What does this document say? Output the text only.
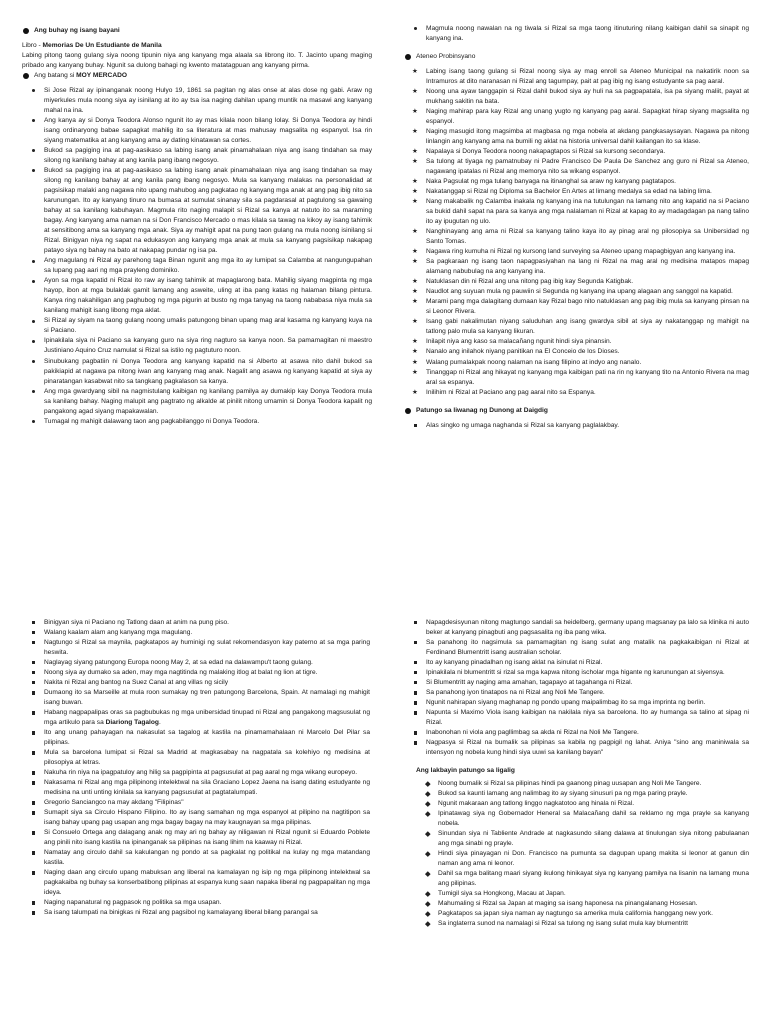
Ang buhay ng isang bayani

Libro - Memorias De Un Estudiante de Manila

Labing pitong taong gulang siya noong tipunin niya ang kanyang mga alaala sa librong ito. T. Jacinto upang maging pribado ang kanyang buhay. Ngunit sa dulong bahagi ng kwento matatagpuan ang kanyang pirma.

Ang batang si MOY MERCADO
Si Jose Rizal ay ipinanganak noong Hulyo 19, 1861 sa pagitan ng alas onse at alas dose ng gabi. Araw ng miyerkules mula noong siya ay isinilang at ito ay tsa isa naging dahilan upang muntik na masawi ang kanyang mahal na ina.
Ang kanya ay si Donya Teodora Alonso ngunit ito ay mas kilala noon bilang lolay. Si Donya Teodora ay hindi isang ordinaryong babae sapagkat mahilig ito sa literatura at mas mahusay magsalita ng espanyol. Isa rin siyang matematika at ang kanyang ama ay dating kinatawan sa cortes.
Bukod sa pagiging ina at pag-aasikaso sa labing isang anak pinamahalaan niya ang isang tindahan sa may silong ng kanilang bahay at ang kanila pang ibang negosyo.
Bukod sa pagiging ina at pag-aasikaso sa labing isang anak pinamahalaan niya ang isang tindahan sa may silong ng kanilang bahay at ang kanila pang ibang negosyo. Mula sa kanyang malakas na personalidad at pagsisikap malaki ang nagawa nito upang mahubog ang pagkatao ng kanyang mga anak at ang pag ibig nito sa karunungan. Ito ay kanyang tinuro na bumasa at sumulat sinanay sila sa pagdarasal at pagtulong sa gawaing bahay at sa kanilang kabuhayan. Magmula rito naging malapit si Rizal sa kanya at natuto ito sa maraming bagay. Ang kanyang ama naman na si Don Francisco Mercado o mas kilala sa tawag na kikoy ay isang tahimik at sensitibong ama sa kanyang mga anak. Siya ay mahigit apat na pung taon gulang na mula noong isinilang si Rizal. Binigyan niya ng sapat na edukasyon ang kanyang mga anak at mula sa kanyang pagsisikap nakapag patayo siya ng bahay na bato at nakapag pundar ng isa pa.
Ang magulang ni Rizal ay parehong taga Binan ngunit ang mga ito ay lumipat sa Calamba at nangungupahan sa lupang pag aari ng mga prayleng dominiko.
Ayon sa mga kapatid ni Rizal ito raw ay isang tahimik at mapaglarong bata. Mahilig siyang magpinta ng mga hayop, ibon at mga bulaklak gamit lamang ang asweite, uling at iba pang katas ng halaman bilang pintura. Kanya ring nakahiligan ang paghubog ng mga pigurin at busto ng mga tanyag na taong nababasa niya mula sa kanilang mahigit isang libong mga aklat.
Si Rizal ay siyam na taong gulang noong umalis patungong binan upang mag aral kasama ng kanyang kuya na si Paciano.
Ipinakilala siya ni Paciano sa kanyang guro na siya ring nagturo sa kanya noon. Sa pamamagitan ni maestro Justiniano Aquino Cruz namulat si Rizal sa istilo ng pagtuturo noon.
Sinubukang pagbatiin ni Donya Teodora ang kanyang kapatid na si Alberto at asawa nito dahil bukod sa pakikiapid at nagawa pa nitong iwan ang kanyang mag anak. Nagalit ang asawa ng kanyang kapatid at siya ay pinaratangan kasabwat nito sa tangkang pagkalason sa kanya.
Ang mga gwardyang sibil na nagmistulang kaibigan ng kanilang pamilya ay dumakip kay Donya Teodora mula sa kanilang bahay. Naging malupit ang pagtrato ng alkalde at pinilit nitong umamin si Donya Teodora kapalit ng pangakong agad siyang mapakawalan.
Tumagal ng mahigit dalawang taon ang pagkabilanggo ni Donya Teodora.
Magmula noong nawalan na ng tiwala si Rizal sa mga taong itinuturing nilang kaibigan dahil sa sinapit ng kanyang ina.
Ateneo Probinsyano
★ Labing isang taong gulang si Rizal noong siya ay mag enroll sa Ateneo Municipal na nakatirik noon sa Intramuros at dito naranasan ni Rizal ang tagumpay, pait at pag ibig ng isang estudyante sa pag aaral.
★ Noong una ayaw tanggapin si Rizal dahil bukod siya ay huli na sa pagpapatala, isa pa siyang maliit, payat at mukhang sakitin na bata.
★ Naging mahirap para kay Rizal ang unang yugto ng kanyang pag aaral. Sapagkat hirap siyang magsalita ng espanyol.
★ Naging masugid itong magsimba at magbasa ng mga nobela at akdang pangkasaysayan. Nagawa pa nitong linlangin ang kanyang ama na bumili ng aklat na historia universal dahil kailangan ito sa klase.
★ Napalaya si Donya Teodora noong nakapagtapos si Rizal sa kursong secondarya.
★ Sa tulong at tiyaga ng pamatnubay ni Padre Francisco De Paula De Sanchez ang guro ni Rizal sa Ateneo, nagawang ipatalas ni Rizal ang memorya nito sa wikang espanyol.
★ Naka Pagsulat ng mga tulang banyaga na itinanghal sa araw ng kanyang pagtatapos.
★ Nakatanggap si Rizal ng Diploma sa Bachelor En Artes at limang medalya sa edad na labing lima.
★ Nang makabalik ng Calamba inakala ng kanyang ina na tutulungan na lamang nito ang kapatid na si Paciano sa bukid dahil sapat na para sa kanya ang mga nalalaman ni Rizal at kapag ito ay madagdagan pa nang talino ito ay ipugutan ng ulo.
★ Nanghinayang ang ama ni Rizal sa kanyang talino kaya ito ay pinag aral ng pilosopiya sa Unibersidad ng Santo Tomas.
★ Nagawa ring kumuha ni Rizal ng kursong land surveying sa Ateneo upang mapagbigyan ang kanyang ina.
★ Sa pagkaraan ng isang taon napagpasiyahan na lang ni Rizal na mag aral ng medisina matapos mapag alamang nabubulag na ang kanyang ina.
★ Natuklasan din ni Rizal ang una nitong pag ibig kay Segunda Katigbak.
★ Naudlot ang suyuan mula ng pauwiin si Segunda ng kanyang ina upang alagaan ang sanggol na kapatid.
★ Marami pang mga dalagitang dumaan kay Rizal bago nito natuklasan ang pag ibig mula sa kanyang pinsan na si Leonor Rivera.
★ Isang gabi nakalimutan niyang saluduhan ang isang gwardya sibil at siya ay nakatanggap ng mahigit na tatlong palo mula sa kanyang likuran.
★ Inilapit niya ang kaso sa malacañang ngunit hindi siya pinansin.
★ Nanalo ang inilahok niyang panitikan na El Conceio de los Dioses.
★ Walang pumalakpak noong nalaman na isang filipino at indyo ang nanalo.
★ Tinanggap ni Rizal ang hikayat ng kanyang mga kaibigan pati na rin ng kanyang tito na Antonio Rivera na mag aral sa espanya.
★ Inilihim ni Rizal at Paciano ang pag aaral nito sa Espanya.
Patungo sa liwanag ng Dunong at Daigdig
Alas singko ng umaga naghanda si Rizal sa kanyang paglalakbay.
Binigyan siya ni Paciano ng Tatlong daan at anim na pung piso.
Walang kaalam alam ang kanyang mga magulang.
Nagtungo si Rizal sa maynila, pagkatapos ay huminigi ng sulat rekomendasyon kay paterno at sa mga paring heswita.
Naglayag siyang patungong Europa noong May 2, at sa edad na dalawampu't taong gulang.
Noong siya ay dumako sa aden, may mga nagtitinda ng malaking itlog at balat ng lion at tigre.
Nakita ni Rizal ang bantog na Suez Canal at ang villas ng sicily
Dumaong ito sa Marseille at mula roon sumakay ng tren patungong Barcelona, Spain. At namalagi ng mahigit isang buwan.
Habang nagpapalipas oras sa pagbubukas ng mga unibersidad tinupad ni Rizal ang pangakong magsusulat ng mga artikulo para sa Diariong Tagalog.
Ito ang unang pahayagan na nakasulat sa tagalog at kastila na pinamamahalaan ni Marcelo Del Pilar sa pilipinas.
Mula sa barcelona lumipat si Rizal sa Madrid at magkasabay na nagpatala sa kolehiyo ng medisina at pilosopiya at letras.
Nakuha rin niya na ipagpatuloy ang hilig sa pagpipinta at pagsusulat at pag aaral ng mga wikang europeyo.
Nakasama ni Rizal ang mga pilipinong intelektwal na sila Graciano Lopez Jaena na isang dating estudyante ng medisina na unti unting kinilala sa kanyang pagsusulat at pagtatalumpati.
Gregorio Sanciangco na may akdang "Filipinas"
Sumapit siya sa Circulo Hispano Filipino. Ito ay isang samahan ng mga espanyol at pilipino na nagtitipon sa isang bahay upang pag usapan ang mga bagay bagay na may kaugnayan sa mga pilipinas.
Si Consuelo Ortega ang dalagang anak ng may ari ng bahay ay niligawan ni Rizal ngunit si Eduardo Poblete ang pinili nito isang kastila na ipinanganak sa pilipinas na isang lihim na kaaway ni Rizal.
Namatay ang circulo dahil sa kakulangan ng pondo at sa pagkalat ng politikal na kulay ng mga matandang kastila.
Naging daan ang circulo upang mabuksan ang liberal na kamalayan ng isip ng mga pilipinong intelektwal sa pagkakaiba ng buhay sa konserbatibong pilipinas at espanya kung saan napaka liberal ng pagpapalitan ng mga ideya.
Naging napanatural ng pagpasok ng politika sa mga usapan.
Sa isang talumpati na binigkas ni Rizal ang pagsibol ng kamalayang liberal bilang parangal sa
Napagdesisyunan nitong magtungo sandali sa heidelberg, germany upang magsanay pa lalo sa klinika ni auto beker at kanyang pinagbuti ang pagsasalita ng iba pang wika.
Sa panahong ito nagsimula sa pamamagitan ng isang sulat ang matalik na pagkakaibigan ni Rizal at Ferdinand Blumentritt isang australian scholar.
Ito ay kanyang pinadalhan ng isang aklat na isinulat ni Rizal.
Ipinakilala ni blumentritt si rizal sa mga kapwa nitong ischolar mga higante ng karunungan at siyensya.
Si Blumentritt ay naging ama amahan, tagapayo at tagahanga ni Rizal.
Sa panahong iyon tinatapos na ni Rizal ang Noli Me Tangere.
Ngunit nahirapan siyang maghanap ng pondo upang maipalimbag ito sa mga imprinta ng berlin.
Napunta si Maximo Viola isang kaibigan na nakilala niya sa barcelona. Ito ay humanga sa talino at sipag ni Rizal.
Inabonohan ni viola ang pagllimbag sa akda ni Rizal na Noli Me Tangere.
Nagpasya si Rizal na bumalik sa pilipinas sa kabila ng pagpigil ng lahat. Aniya "sino ang maniniwala sa intensyon ng nobela kung hindi siya uuwi sa kanilang bayan"

Ang lakbayin patungo sa ligalig

Noong bumalik si Rizal sa pilipinas hindi pa gaanong pinag uusapan ang Noli Me Tangere.
Bukod sa kaunti lamang ang nalimbag ito ay siyang sinusuri pa ng mga paring prayle.
Ngunit makaraan ang tatlong linggo nagkatotoo ang hinala ni Rizal.
Ipinatawag siya ng Gobernador Heneral sa Malacañang dahil sa reklamo ng mga prayle sa kanyang nobela.
Sinundan siya ni Tabliente Andrade at nagkasundo silang dalawa at tinulungan siya nitong pabulaanan ang mga sinabi ng prayle.
Hindi siya pinayagan ni Don. Francisco na pumunta sa dagupan upang makita si leonor at ganun din naman ang ama ni leonor.
Dahil sa mga balitang maari siyang ikulong hinikayat siya ng kanyang pamilya na lisanin na lamang muna ang pilipinas.
Tumigil siya sa Hongkong, Macau at Japan.
Mahumaling si Rizal sa Japan at maging sa isang haponesa na pinangalanang Hosesan.
Pagkatapos sa japan siya naman ay nagtungo sa amerika mula california hanggang new york.
Sa inglaterra sunod na namalagi si Rizal sa tulong ng isang sulat mula kay blumentritt
